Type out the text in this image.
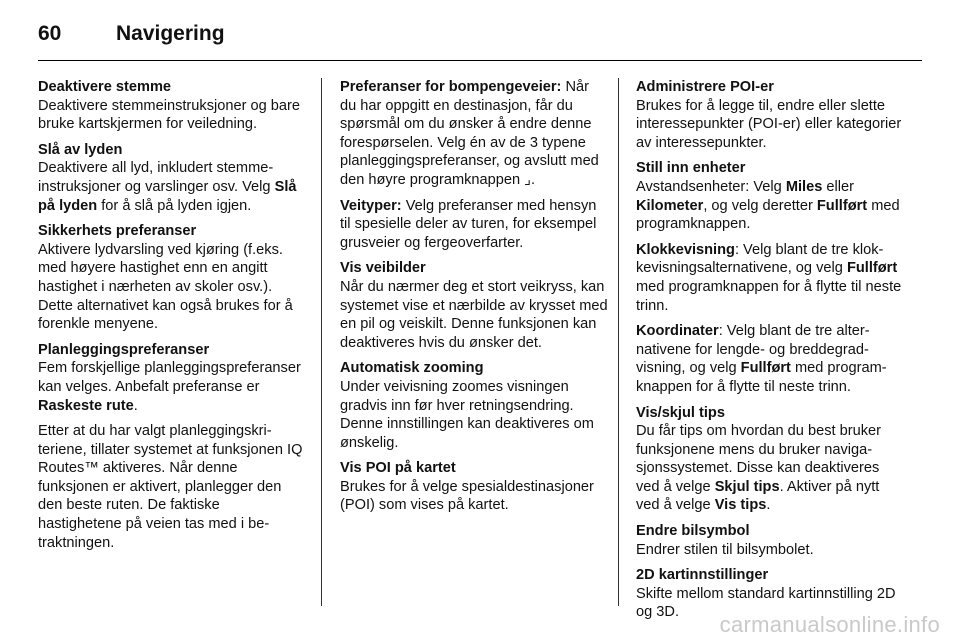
60	Navigering
Deaktivere stemme

Deaktivere stemmeinstruksjoner og bare bruke kartskjermen for veiledning.

Slå av lyden

Deaktivere all lyd, inkludert stemmeinstruksjoner og varslinger osv. Velg Slå på lyden for å slå på lyden igjen.

Sikkerhets preferanser

Aktivere lydvarsling ved kjøring (f.eks. med høyere hastighet enn en angitt hastighet i nærheten av skoler osv.). Dette alternativet kan også brukes for å forenkle menyene.

Planleggingspreferanser

Fem forskjellige planleggingspreferanser kan velges. Anbefalt preferanse er Raskeste rute.

Etter at du har valgt planleggingskriteriene, tillater systemet at funksjonen IQ Routes™ aktiveres. Når denne funksjonen er aktivert, planlegger den den beste ruten. De faktiske hastighetene på veien tas med i betraktningen.

Preferanser for bompengeveier: Når du har oppgitt en destinasjon, får du spørsmål om du ønsker å endre denne forespørselen. Velg én av de 3 typene planleggingspreferanser, og avslutt med den høyre programknappen ⌟.

Veityper: Velg preferanser med hensyn til spesielle deler av turen, for eksempel grusveier og fergeoverfarter.

Vis veibilder

Når du nærmer deg et stort veikryss, kan systemet vise et nærbilde av krysset med en pil og veiskilt. Denne funksjonen kan deaktiveres hvis du ønsker det.

Automatisk zooming

Under veivisning zoomes visningen gradvis inn før hver retningsendring. Denne innstillingen kan deaktiveres om ønskelig.

Vis POI på kartet

Brukes for å velge spesialdestinasjoner (POI) som vises på kartet.

Administrere POI-er

Brukes for å legge til, endre eller slette interessepunkter (POI-er) eller kategorier av interessepunkter.

Still inn enheter

Avstandsenheter: Velg Miles eller Kilometer, og velg deretter Fullført med programknappen.

Klokkevisning: Velg blant de tre klokkevisningsalternativene, og velg Fullført med programknappen for å flytte til neste trinn.

Koordinater: Velg blant de tre alternativene for lengde- og breddegradvisning, og velg Fullført med programknappen for å flytte til neste trinn.

Vis/skjul tips

Du får tips om hvordan du best bruker funksjonene mens du bruker navigasjonssystemet. Disse kan deaktiveres ved å velge Skjul tips. Aktiver på nytt ved å velge Vis tips.

Endre bilsymbol

Endrer stilen til bilsymbolet.

2D kartinnstillinger

Skifte mellom standard kartinnstilling 2D og 3D.	carmanualsonline.info
